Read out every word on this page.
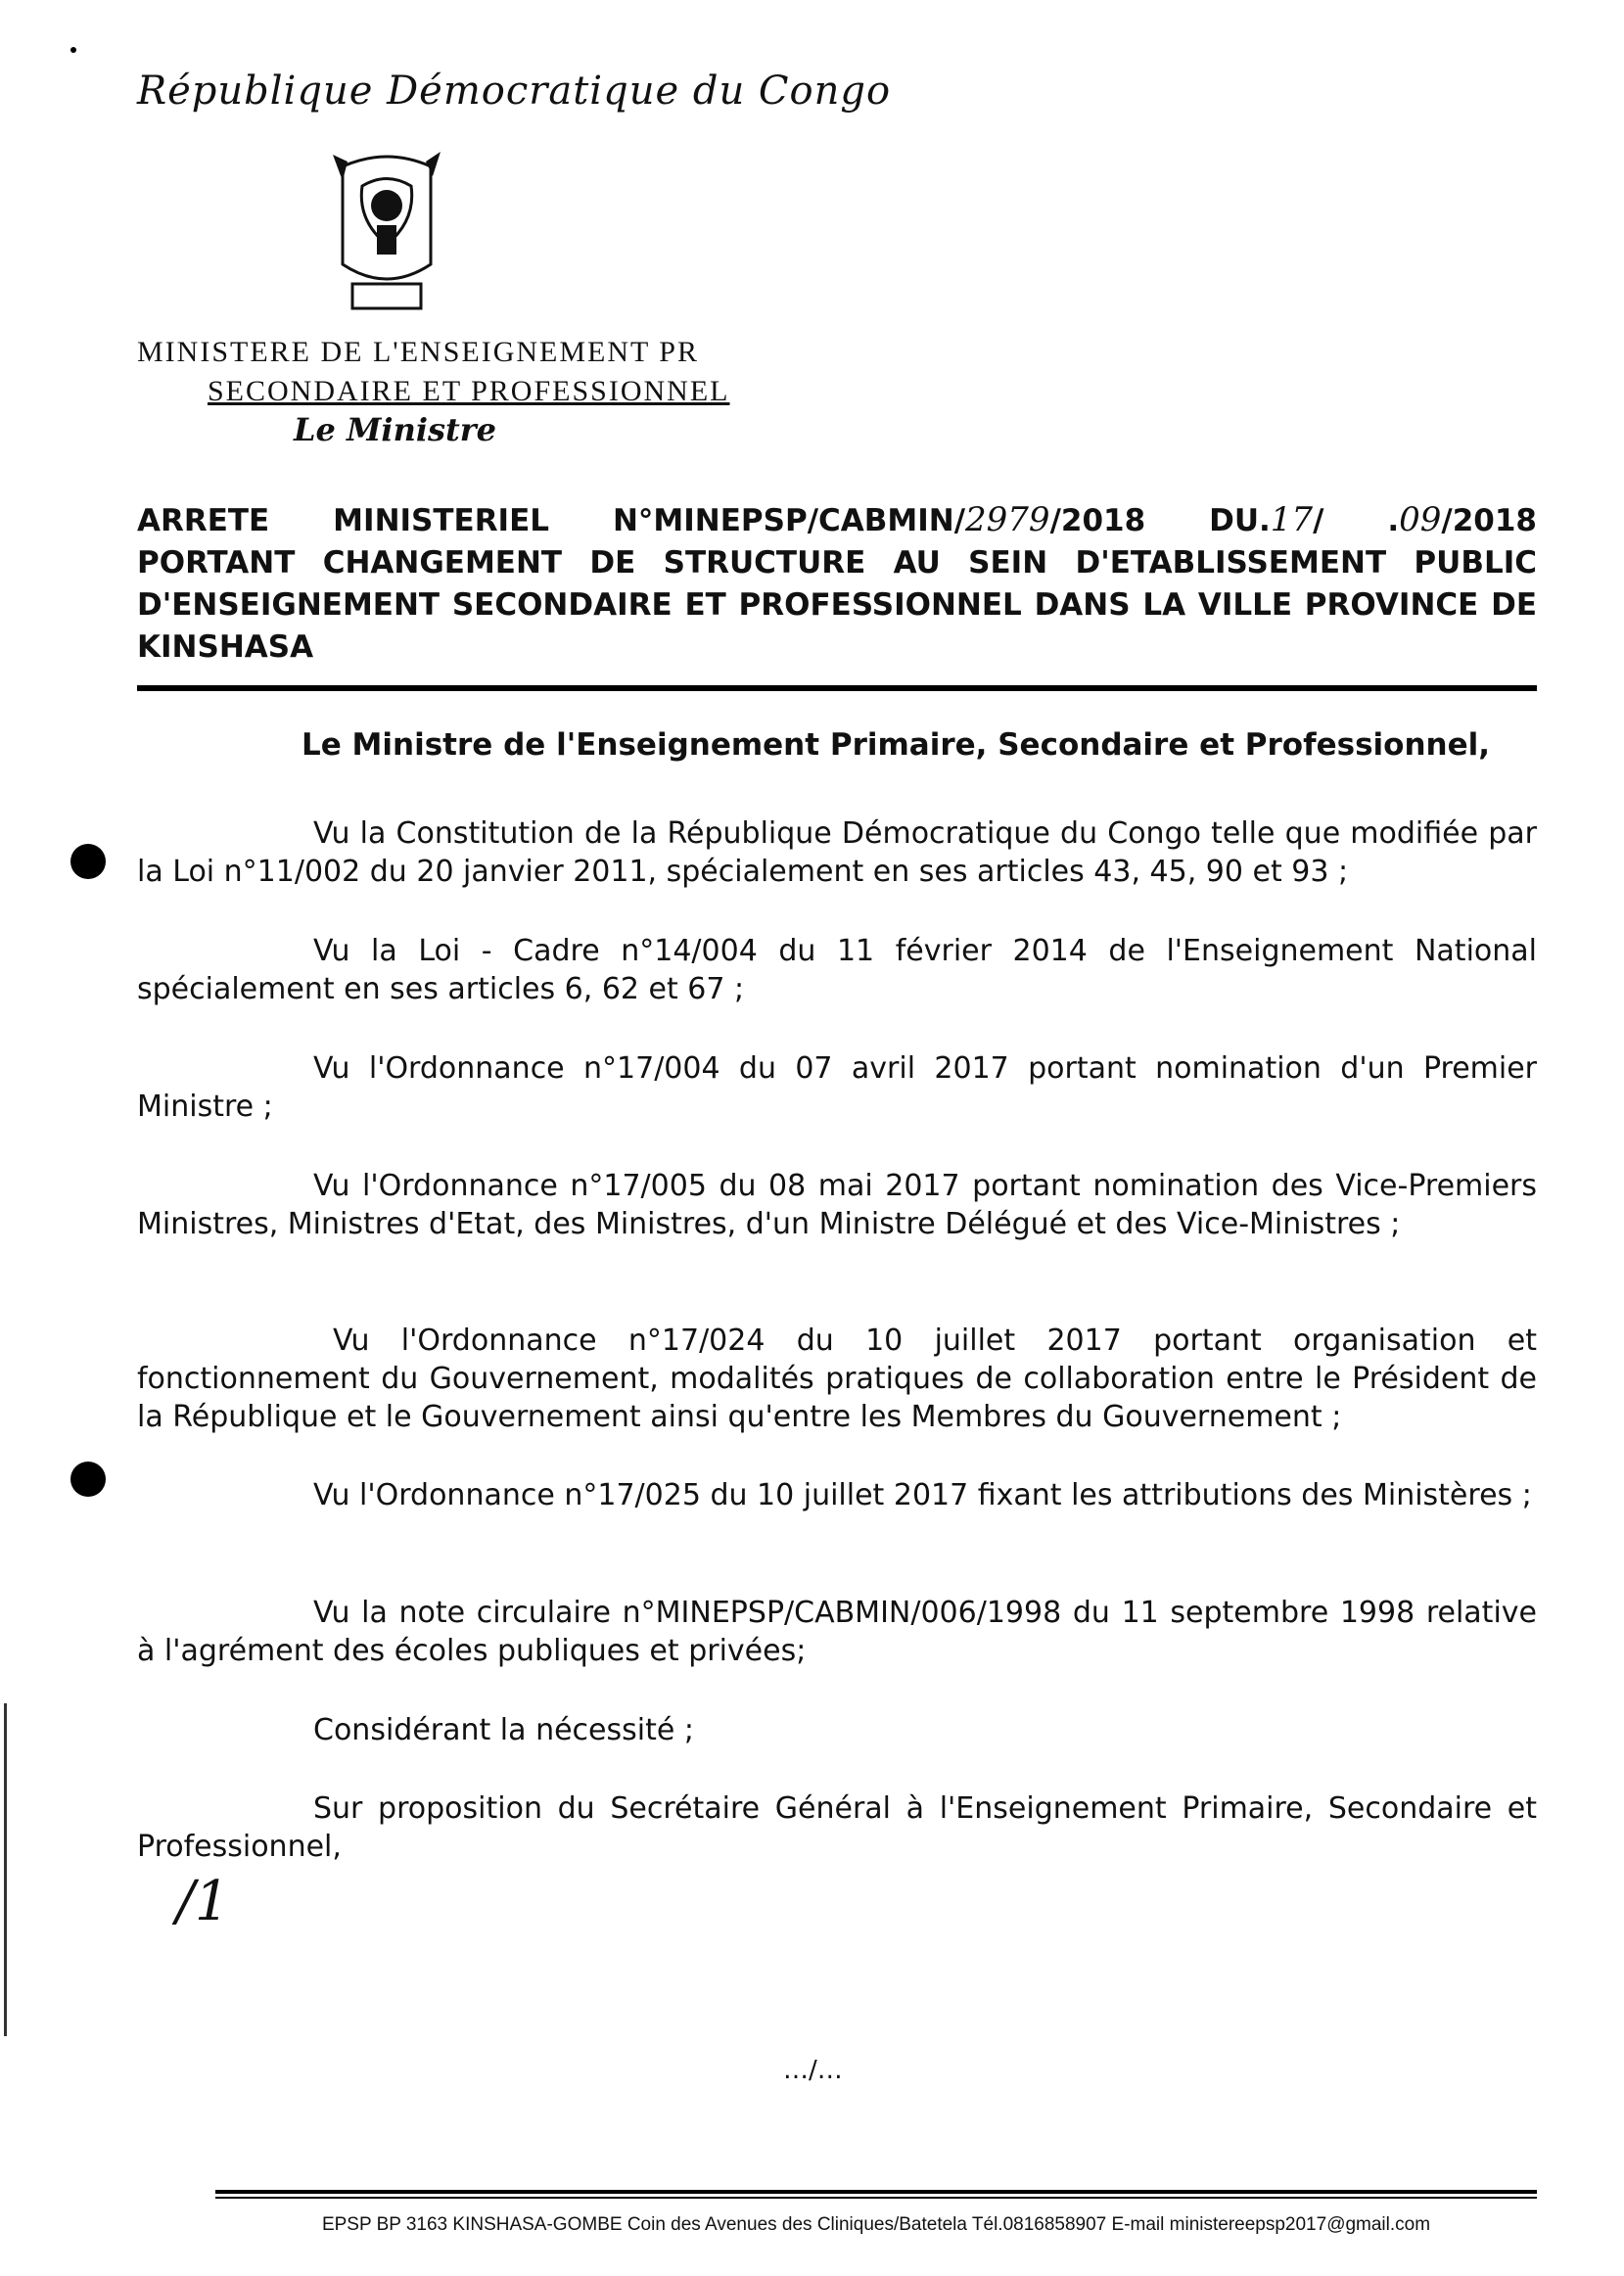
République Démocratique du Congo
MINISTERE DE L'ENSEIGNEMENT PR
SECONDAIRE ET PROFESSIONNEL
Le Ministre
ARRETE MINISTERIEL N°MINEPSP/CABMIN/2979/2018 DU.17/ .09/2018
PORTANT CHANGEMENT DE STRUCTURE AU SEIN D'ETABLISSEMENT PUBLIC
D'ENSEIGNEMENT SECONDAIRE ET PROFESSIONNEL DANS LA VILLE PROVINCE DE
KINSHASA
Le Ministre de l'Enseignement Primaire, Secondaire et Professionnel,
Vu la Constitution de la République Démocratique du Congo telle que modifiée par la Loi n°11/002 du 20 janvier 2011, spécialement en ses articles 43, 45, 90 et 93 ;
Vu la Loi - Cadre n°14/004 du 11 février 2014 de l'Enseignement National spécialement en ses articles 6, 62 et 67 ;
Vu l'Ordonnance n°17/004 du 07 avril 2017 portant nomination d'un Premier Ministre ;
Vu l'Ordonnance n°17/005 du 08 mai 2017 portant nomination des Vice-Premiers Ministres, Ministres d'Etat, des Ministres, d'un Ministre Délégué et des Vice-Ministres ;
Vu l'Ordonnance n°17/024 du 10 juillet 2017 portant organisation et fonctionnement du Gouvernement, modalités pratiques de collaboration entre le Président de la République et le Gouvernement ainsi qu'entre les Membres du Gouvernement ;
Vu l'Ordonnance n°17/025 du 10 juillet 2017 fixant les attributions des Ministères ;
Vu la note circulaire n°MINEPSP/CABMIN/006/1998 du 11 septembre 1998 relative à l'agrément des écoles publiques et privées;
Considérant la nécessité ;
Sur proposition du Secrétaire Général à l'Enseignement Primaire, Secondaire et Professionnel,
/1
…/…
EPSP BP 3163 KINSHASA-GOMBE Coin des Avenues des Cliniques/Batetela Tél.0816858907 E-mail ministereepsp2017@gmail.com
